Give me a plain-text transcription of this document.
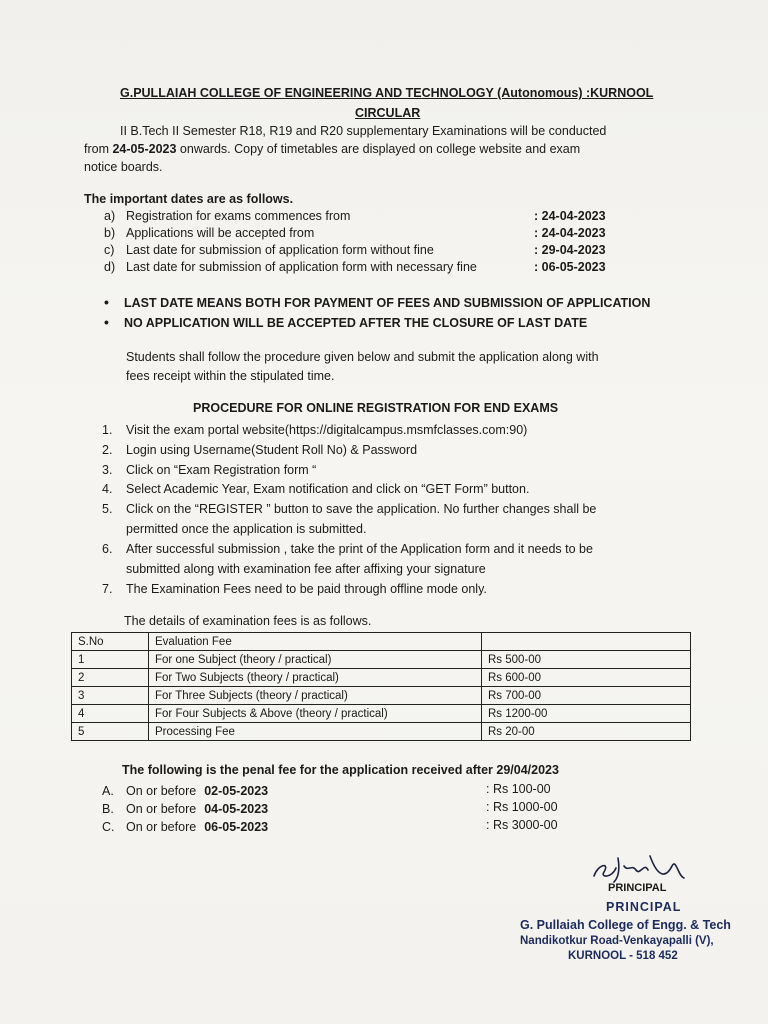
G.PULLAIAH COLLEGE OF ENGINEERING AND TECHNOLOGY (Autonomous) :KURNOOL
CIRCULAR
II B.Tech II Semester R18, R19 and R20 supplementary Examinations will be conducted
from 24-05-2023 onwards. Copy of timetables are displayed on college website and exam
notice boards.
The important dates are as follows.
a) Registration for exams commences from	: 24-04-2023
b) Applications will be accepted from	: 24-04-2023
c) Last date for submission of application form without fine	: 29-04-2023
d) Last date for submission of application form with necessary fine	: 06-05-2023
• LAST DATE MEANS BOTH FOR PAYMENT OF FEES AND SUBMISSION OF APPLICATION
• NO APPLICATION WILL BE ACCEPTED AFTER THE CLOSURE OF LAST DATE
Students shall follow the procedure given below and submit the application along with
fees receipt within the stipulated time.
PROCEDURE FOR ONLINE REGISTRATION FOR END EXAMS
1. Visit the exam portal website(https://digitalcampus.msmfclasses.com:90)
2. Login using Username(Student Roll No) & Password
3. Click on “Exam Registration form “
4. Select Academic Year, Exam notification and click on “GET Form” button.
5. Click on the “REGISTER ” button to save the application. No further changes shall be
permitted once the application is submitted.
6. After successful submission , take the print of the Application form and it needs to be
submitted along with examination fee after affixing your signature
7. The Examination Fees need to be paid through offline mode only.
The details of examination fees is as follows.
S.No	Evaluation Fee	
1	For one Subject (theory / practical)	Rs 500-00
2	For Two Subjects (theory / practical)	Rs 600-00
3	For Three Subjects (theory / practical)	Rs 700-00
4	For Four Subjects & Above (theory / practical)	Rs 1200-00
5	Processing Fee	Rs 20-00
The following is the penal fee for the application received after 29/04/2023
A. On or before 02-05-2023	: Rs 100-00
B. On or before 04-05-2023	: Rs 1000-00
C. On or before 06-05-2023	: Rs 3000-00
PRINCIPAL
PRINCIPAL
G. Pullaiah College of Engg. & Tech
Nandikotkur Road-Venkayapalli (V),
KURNOOL - 518 452
